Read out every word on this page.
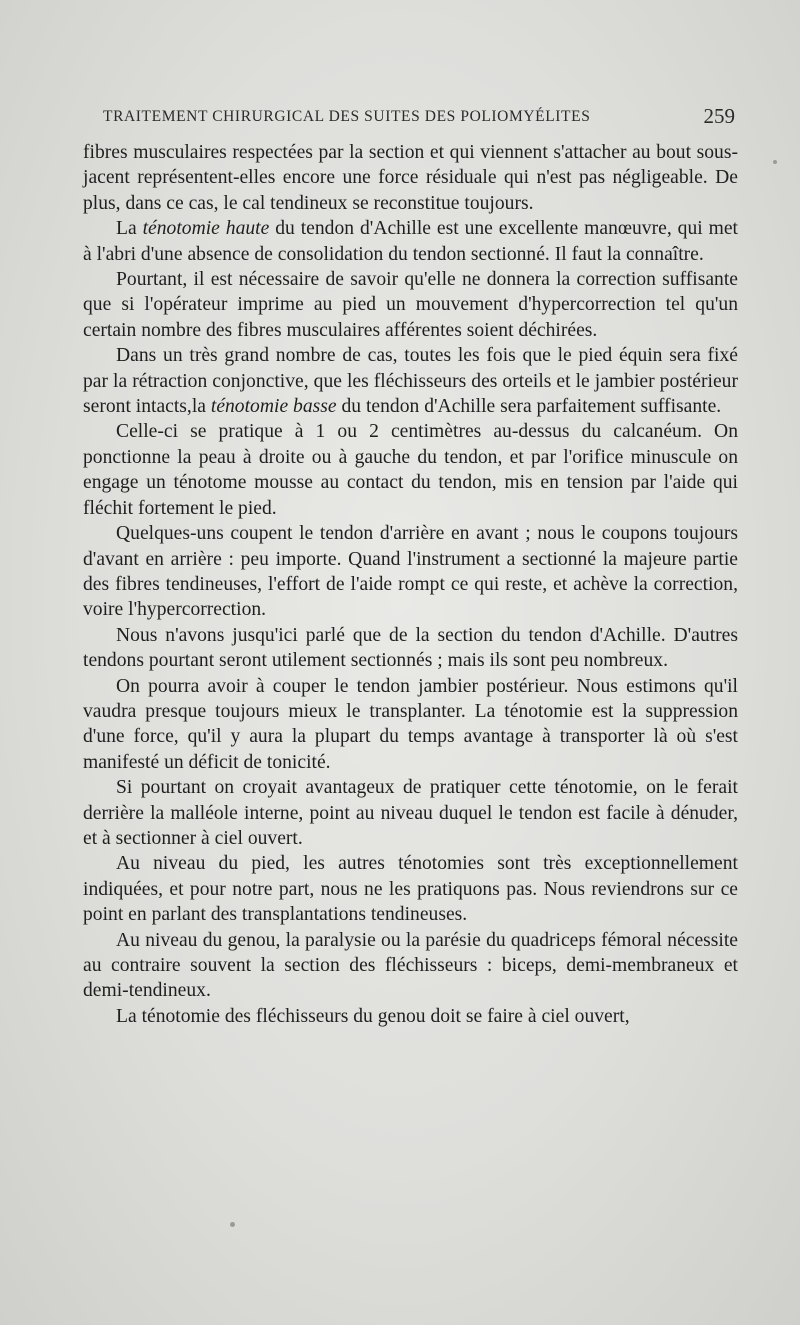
TRAITEMENT CHIRURGICAL DES SUITES DES POLIOMYÉLITES	259

fibres musculaires respectées par la section et qui viennent s'attacher au bout sous-jacent représentent-elles encore une force résiduale qui n'est pas négligeable. De plus, dans ce cas, le cal tendineux se reconstitue toujours.

La ténotomie haute du tendon d'Achille est une excellente manœuvre, qui met à l'abri d'une absence de consolidation du tendon sectionné. Il faut la connaître.

Pourtant, il est nécessaire de savoir qu'elle ne donnera la correction suffisante que si l'opérateur imprime au pied un mouvement d'hypercorrection tel qu'un certain nombre des fibres musculaires afférentes soient déchirées.

Dans un très grand nombre de cas, toutes les fois que le pied équin sera fixé par la rétraction conjonctive, que les fléchisseurs des orteils et le jambier postérieur seront intacts,la ténotomie basse du tendon d'Achille sera parfaitement suffisante.

Celle-ci se pratique à 1 ou 2 centimètres au-dessus du calcanéum. On ponctionne la peau à droite ou à gauche du tendon, et par l'orifice minuscule on engage un ténotome mousse au contact du tendon, mis en tension par l'aide qui fléchit fortement le pied.

Quelques-uns coupent le tendon d'arrière en avant ; nous le coupons toujours d'avant en arrière : peu importe. Quand l'instrument a sectionné la majeure partie des fibres tendineuses, l'effort de l'aide rompt ce qui reste, et achève la correction, voire l'hypercorrection.

Nous n'avons jusqu'ici parlé que de la section du tendon d'Achille. D'autres tendons pourtant seront utilement sectionnés ; mais ils sont peu nombreux.

On pourra avoir à couper le tendon jambier postérieur. Nous estimons qu'il vaudra presque toujours mieux le transplanter. La ténotomie est la suppression d'une force, qu'il y aura la plupart du temps avantage à transporter là où s'est manifesté un déficit de tonicité.

Si pourtant on croyait avantageux de pratiquer cette ténotomie, on le ferait derrière la malléole interne, point au niveau duquel le tendon est facile à dénuder, et à sectionner à ciel ouvert.

Au niveau du pied, les autres ténotomies sont très exceptionnellement indiquées, et pour notre part, nous ne les pratiquons pas. Nous reviendrons sur ce point en parlant des transplantations tendineuses.

Au niveau du genou, la paralysie ou la parésie du quadriceps fémoral nécessite au contraire souvent la section des fléchisseurs : biceps, demi-membraneux et demi-tendineux.

La ténotomie des fléchisseurs du genou doit se faire à ciel ouvert,
